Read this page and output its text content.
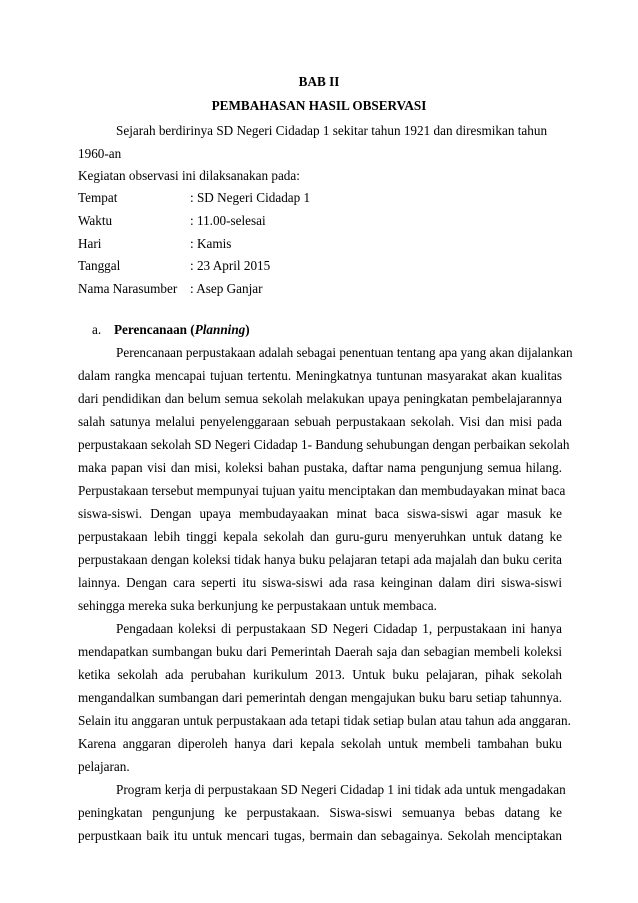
BAB II
PEMBAHASAN HASIL OBSERVASI
Sejarah berdirinya SD Negeri Cidadap 1 sekitar tahun 1921 dan diresmikan tahun
1960-an
Kegiatan observasi ini dilaksanakan pada:
Tempat	: SD Negeri Cidadap 1
Waktu	: 11.00-selesai
Hari	: Kamis
Tanggal	: 23 April 2015
Nama Narasumber : Asep Ganjar
a. Perencanaan (Planning)
Perencanaan perpustakaan adalah sebagai penentuan tentang apa yang akan dijalankan
dalam rangka mencapai tujuan tertentu. Meningkatnya tuntunan masyarakat akan kualitas
dari pendidikan dan belum semua sekolah melakukan upaya peningkatan pembelajarannya
salah satunya melalui penyelenggaraan sebuah perpustakaan sekolah. Visi dan misi pada
perpustakaan sekolah SD Negeri Cidadap 1- Bandung sehubungan dengan perbaikan sekolah
maka papan visi dan misi, koleksi bahan pustaka, daftar nama pengunjung semua hilang.
Perpustakaan tersebut mempunyai tujuan yaitu menciptakan dan membudayakan minat baca
siswa-siswi. Dengan upaya membudayaakan minat baca siswa-siswi agar masuk ke
perpustakaan lebih tinggi kepala sekolah dan guru-guru menyeruhkan untuk datang ke
perpustakaan dengan koleksi tidak hanya buku pelajaran tetapi ada majalah dan buku cerita
lainnya. Dengan cara seperti itu siswa-siswi ada rasa keinginan dalam diri siswa-siswi
sehingga mereka suka berkunjung ke perpustakaan untuk membaca.
Pengadaan koleksi di perpustakaan SD Negeri Cidadap 1, perpustakaan ini hanya
mendapatkan sumbangan buku dari Pemerintah Daerah saja dan sebagian membeli koleksi
ketika sekolah ada perubahan kurikulum 2013. Untuk buku pelajaran, pihak sekolah
mengandalkan sumbangan dari pemerintah dengan mengajukan buku baru setiap tahunnya.
Selain itu anggaran untuk perpustakaan ada tetapi tidak setiap bulan atau tahun ada anggaran.
Karena anggaran diperoleh hanya dari kepala sekolah untuk membeli tambahan buku
pelajaran.
Program kerja di perpustakaan SD Negeri Cidadap 1 ini tidak ada untuk mengadakan
peningkatan pengunjung ke perpustakaan. Siswa-siswi semuanya bebas datang ke
perpustkaan baik itu untuk mencari tugas, bermain dan sebagainya. Sekolah menciptakan
